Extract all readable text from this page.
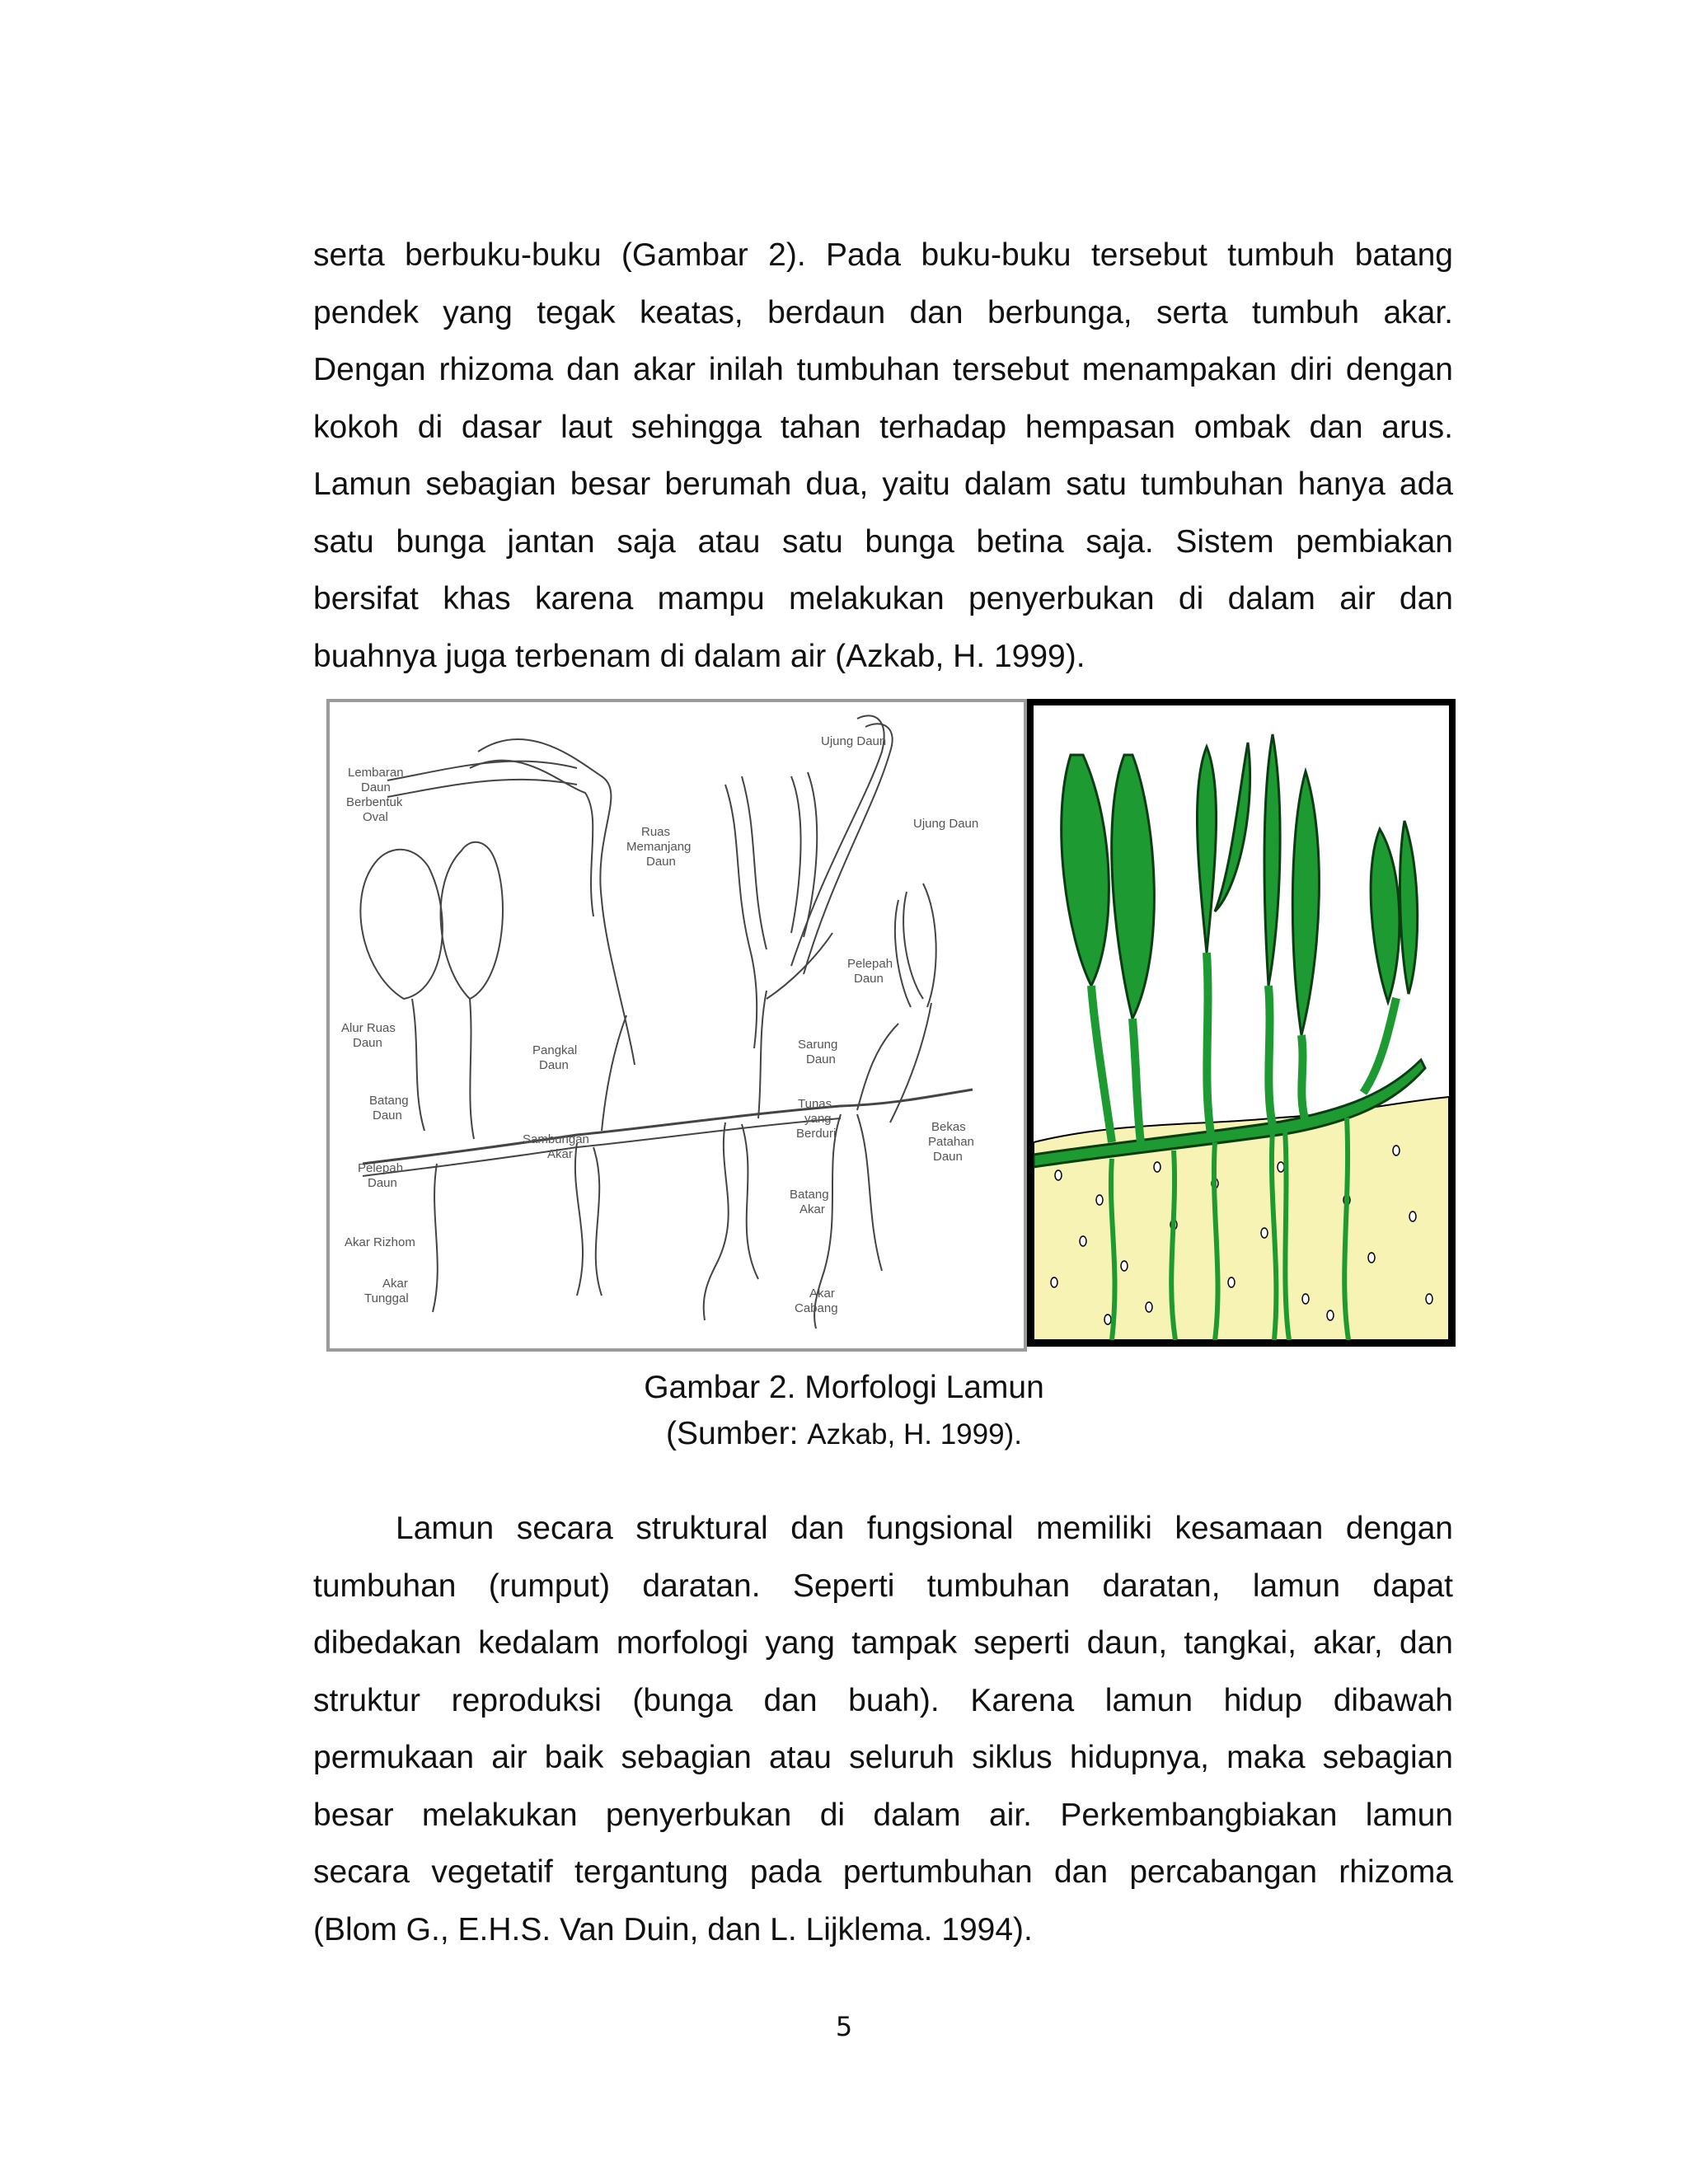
serta berbuku-buku (Gambar 2). Pada buku-buku tersebut tumbuh batang
pendek yang tegak keatas, berdaun dan berbunga, serta tumbuh akar.
Dengan rhizoma dan akar inilah tumbuhan tersebut menampakan diri dengan
kokoh di dasar laut sehingga tahan terhadap hempasan ombak dan arus.
Lamun sebagian besar berumah dua, yaitu dalam satu tumbuhan hanya ada
satu bunga jantan saja atau satu bunga betina saja. Sistem pembiakan
bersifat khas karena mampu melakukan penyerbukan di dalam air dan
buahnya juga terbenam di dalam air (Azkab, H. 1999).
Lembaran
Daun
Berbentuk
Oval
Alur Ruas
Daun
Batang
Daun
Pelepah
Daun
Akar Rizhom
Akar
Tunggal
Ruas
Memanjang
Daun
Pangkal
Daun
Sambungan
Akar
Ujung Daun
Ujung Daun
Pelepah
Daun
Sarung
Daun
Tunas
yang
Berduri
Batang
Akar
Akar
Cabang
Bekas
Patahan
Daun
Gambar 2. Morfologi Lamun
(Sumber: Azkab, H. 1999).
Lamun secara struktural dan fungsional memiliki kesamaan dengan
tumbuhan (rumput) daratan. Seperti tumbuhan daratan, lamun dapat
dibedakan kedalam morfologi yang tampak seperti daun, tangkai, akar, dan
struktur reproduksi (bunga dan buah). Karena lamun hidup dibawah
permukaan air baik sebagian atau seluruh siklus hidupnya, maka sebagian
besar melakukan penyerbukan di dalam air. Perkembangbiakan lamun
secara vegetatif tergantung pada pertumbuhan dan percabangan rhizoma
(Blom G., E.H.S. Van Duin, dan L. Lijklema. 1994).
5
